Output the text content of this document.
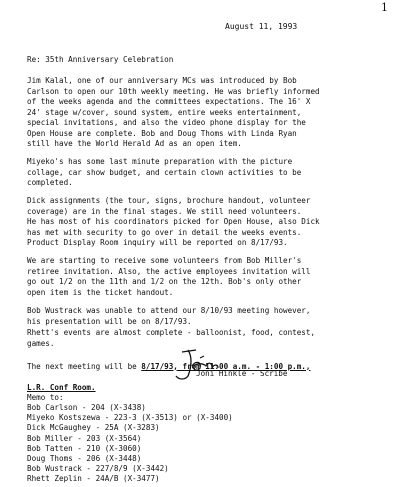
1
August 11, 1993
Re: 35th Anniversary Celebration
Jim Kalal, one of our anniversary MCs was introduced by Bob
Carlson to open our 10th weekly meeting. He was briefly informed
of the weeks agenda and the committees expectations. The 16' X
24' stage w/cover, sound system, entire weeks entertainment,
special invitations, and also the video phone display for the
Open House are complete. Bob and Doug Thoms with Linda Ryan
still have the World Herald Ad as an open item.
Miyeko's has some last minute preparation with the picture
collage, car show budget, and certain clown activities to be
completed.
Dick assignments (the tour, signs, brochure handout, volunteer
coverage) are in the final stages. We still need volunteers.
He has most of his coordinators picked for Open House, also Dick
has met with security to go over in detail the weeks events.
Product Display Room inquiry will be reported on 8/17/93.
We are starting to receive some volunteers from Bob Miller's
retiree invitation. Also, the active employees invitation will
go out 1/2 on the 11th and 1/2 on the 12th. Bob's only other
open item is the ticket handout.
Bob Wustrack was unable to attend our 8/10/93 meeting however,
his presentation will be on 8/17/93.
Rhett's events are almost complete - balloonist, food, contest,
games.

The next meeting will be 8/17/93, from 11:00 a.m. - 1:00 p.m.,

L.R. Conf Room.

Joni Hinkle - Scribe
Memo to:
Bob Carlson - 204 (X-3438)
Miyeko Kostszewa - 223-3 (X-3513) or (X-3400)
Dick McGaughey - 25A (X-3283)
Bob Miller - 203 (X-3564)
Bob Tatten - 210 (X-3060)
Doug Thoms - 206 (X-3448)
Bob Wustrack - 227/8/9 (X-3442)
Rhett Zeplin - 24A/B (X-3477)
